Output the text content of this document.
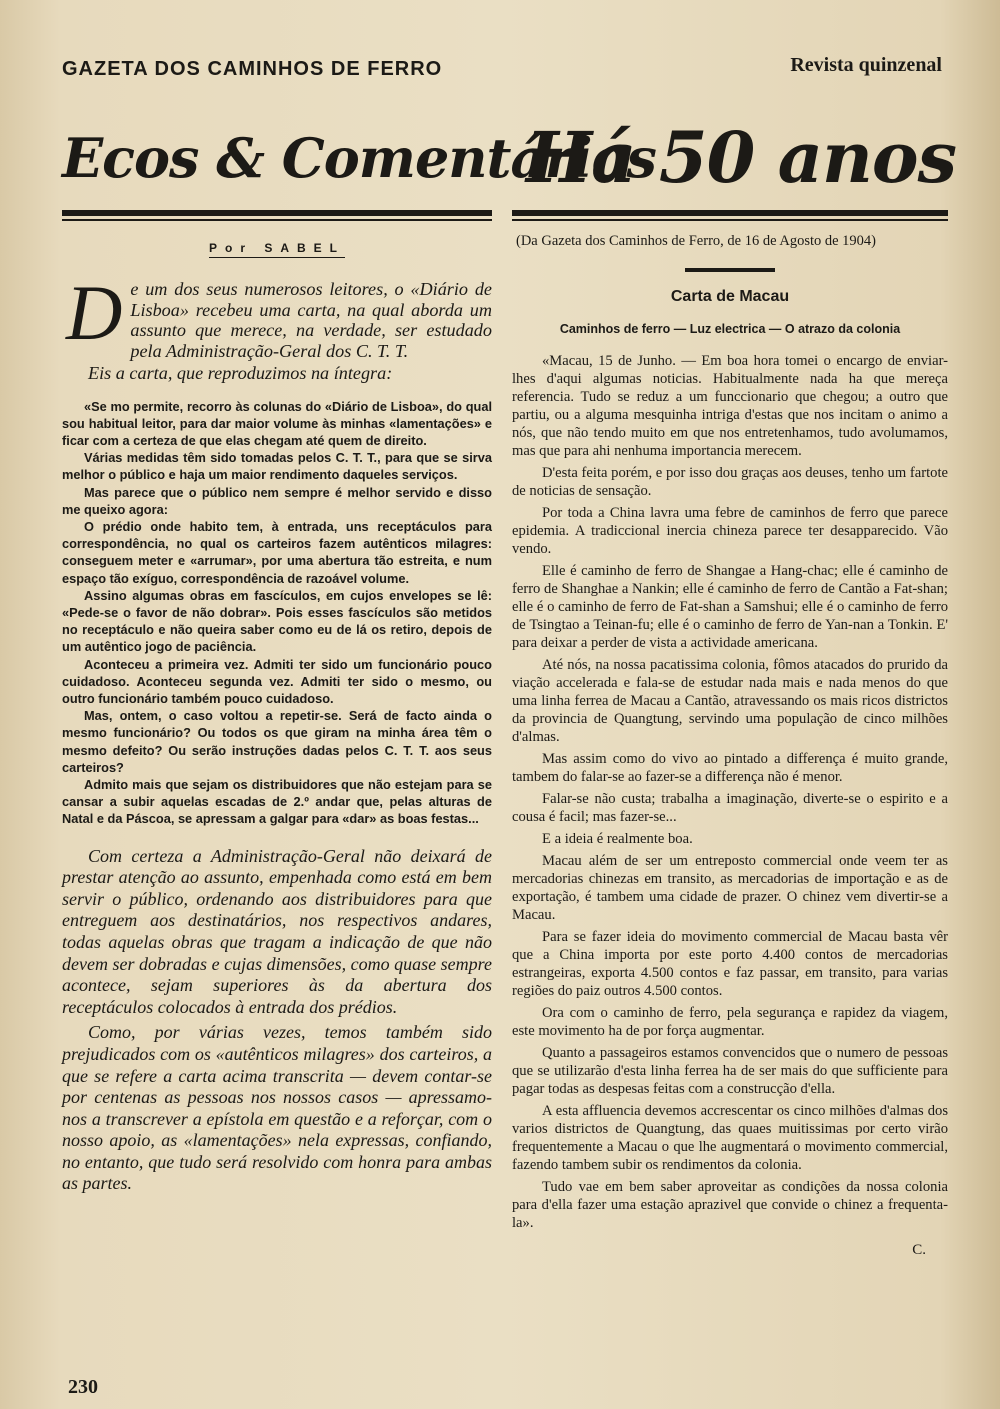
GAZETA DOS CAMINHOS DE FERRO	Revista quinzenal
Ecos & Comentários
Por SABEL
D e um dos seus numerosos leitores, o «Diário de Lisboa» recebeu uma carta, na qual aborda um assunto que merece, na verdade, ser estudado pela Administração-Geral dos C. T. T.
Eis a carta, que reproduzimos na íntegra:

«Se mo permite, recorro às colunas do «Diário de Lisboa», do qual sou habitual leitor, para dar maior volume às minhas «lamentações» e ficar com a certeza de que elas chegam até quem de direito.

Várias medidas têm sido tomadas pelos C. T. T., para que se sirva melhor o público e haja um maior rendimento daqueles serviços.

Mas parece que o público nem sempre é melhor servido e disso me queixo agora:

O prédio onde habito tem, à entrada, uns receptáculos para correspondência, no qual os carteiros fazem autênticos milagres: conseguem meter e «arrumar», por uma abertura tão estreita, e num espaço tão exíguo, correspondência de razoável volume.

Assino algumas obras em fascículos, em cujos envelopes se lê: «Pede-se o favor de não dobrar». Pois esses fascículos são metidos no receptáculo e não queira saber como eu de lá os retiro, depois de um autêntico jogo de paciência.

Aconteceu a primeira vez. Admiti ter sido um funcionário pouco cuidadoso. Aconteceu segunda vez. Admiti ter sido o mesmo, ou outro funcionário também pouco cuidadoso.

Mas, ontem, o caso voltou a repetir-se. Será de facto ainda o mesmo funcionário? Ou todos os que giram na minha área têm o mesmo defeito? Ou serão instruções dadas pelos C. T. T. aos seus carteiros?

Admito mais que sejam os distribuidores que não estejam para se cansar a subir aquelas escadas de 2.º andar que, pelas alturas de Natal e da Páscoa, se apressam a galgar para «dar» as boas festas...

Com certeza a Administração-Geral não deixará de prestar atenção ao assunto, empenhada como está em bem servir o público, ordenando aos distribuidores para que entreguem aos destinatários, nos respectivos andares, todas aquelas obras que tragam a indicação de que não devem ser dobradas e cujas dimensões, como quase sempre acontece, sejam superiores às da abertura dos receptáculos colocados à entrada dos prédios.

Como, por várias vezes, temos também sido prejudicados com os «autênticos milagres» dos carteiros, a que se refere a carta acima transcrita — devem contar-se por centenas as pessoas nos nossos casos — apressamo-nos a transcrever a epístola em questão e a reforçar, com o nosso apoio, as «lamentações» nela expressas, confiando, no entanto, que tudo será resolvido com honra para ambas as partes.

Há 50 anos
(Da Gazeta dos Caminhos de Ferro, de 16 de Agosto de 1904)
Carta de Macau
Caminhos de ferro — Luz electrica — O atrazo da colonia

«Macau, 15 de Junho. — Em boa hora tomei o encargo de enviar-lhes d'aqui algumas noticias. Habitualmente nada ha que mereça referencia. Tudo se reduz a um funccionario que chegou; a outro que partiu, ou a alguma mesquinha intriga d'estas que nos incitam o animo a nós, que não tendo muito em que nos entretenhamos, tudo avolumamos, mas que para ahi nenhuma importancia merecem.

D'esta feita porém, e por isso dou graças aos deuses, tenho um fartote de noticias de sensação.

Por toda a China lavra uma febre de caminhos de ferro que parece epidemia. A tradiccional inercia chineza parece ter desapparecido. Vão vendo.

Elle é caminho de ferro de Shangae a Hang-chac; elle é caminho de ferro de Shanghae a Nankin; elle é caminho de ferro de Cantão a Fat-shan; elle é o caminho de ferro de Fat-shan a Samshui; elle é o caminho de ferro de Tsingtao a Teinan-fu; elle é o caminho de ferro de Yan-nan a Tonkin. E' para deixar a perder de vista a actividade americana.

Até nós, na nossa pacatissima colonia, fômos atacados do prurido da viação accelerada e fala-se de estudar nada mais e nada menos do que uma linha ferrea de Macau a Cantão, atravessando os mais ricos districtos da provincia de Quangtung, servindo uma população de cinco milhões d'almas.

Mas assim como do vivo ao pintado a differença é muito grande, tambem do falar-se ao fazer-se a differença não é menor.

Falar-se não custa; trabalha a imaginação, diverte-se o espirito e a cousa é facil; mas fazer-se...

E a ideia é realmente boa.

Macau além de ser um entreposto commercial onde veem ter as mercadorias chinezas em transito, as mercadorias de importação e as de exportação, é tambem uma cidade de prazer. O chinez vem divertir-se a Macau.

Para se fazer ideia do movimento commercial de Macau basta vêr que a China importa por este porto 4.400 contos de mercadorias estrangeiras, exporta 4.500 contos e faz passar, em transito, para varias regiões do paiz outros 4.500 contos.

Ora com o caminho de ferro, pela segurança e rapidez da viagem, este movimento ha de por força augmentar.

Quanto a passageiros estamos convencidos que o numero de pessoas que se utilizarão d'esta linha ferrea ha de ser mais do que sufficiente para pagar todas as despesas feitas com a construcção d'ella.

A esta affluencia devemos accrescentar os cinco milhões d'almas dos varios districtos de Quangtung, das quaes muitissimas por certo virão frequentemente a Macau o que lhe augmentará o movimento commercial, fazendo tambem subir os rendimentos da colonia.

Tudo vae em bem saber aproveitar as condições da nossa colonia para d'ella fazer uma estação aprazivel que convide o chinez a frequenta-la».

C.
230
